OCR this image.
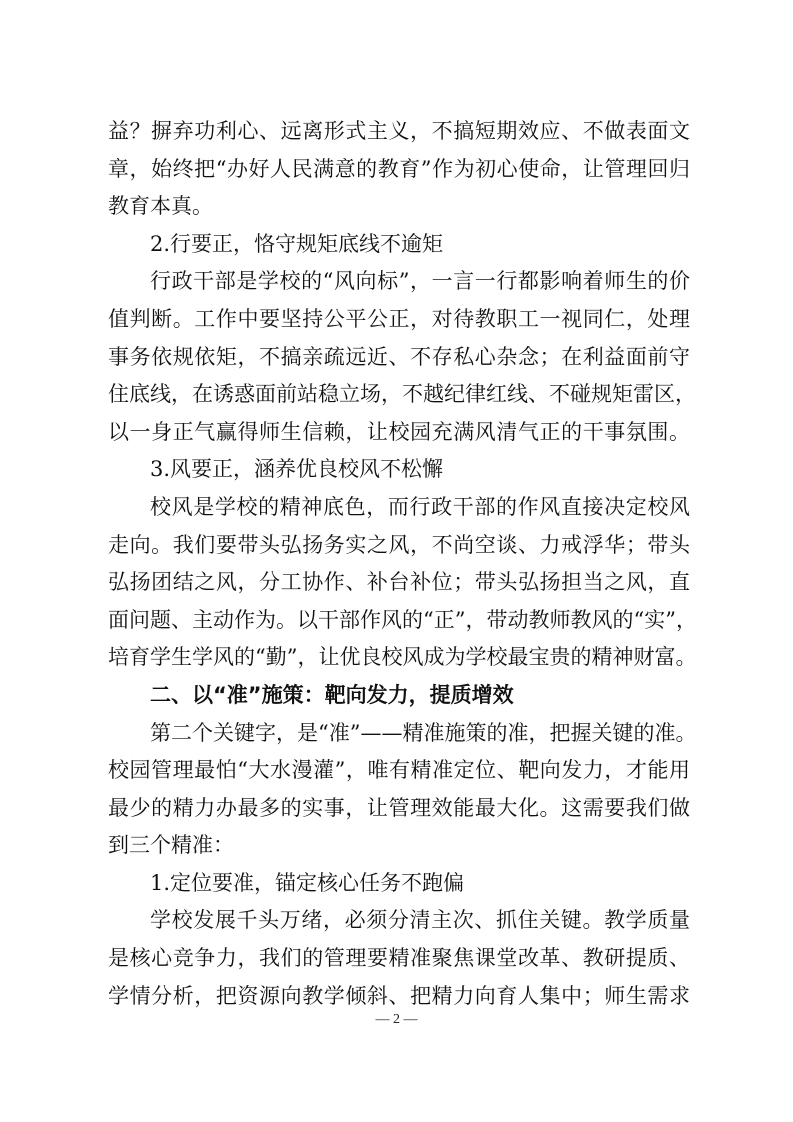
益？摒弃功利心、远离形式主义，不搞短期效应、不做表面文
章，始终把“办好人民满意的教育”作为初心使命，让管理回归
教育本真。
2.行要正，恪守规矩底线不逾矩
行政干部是学校的“风向标”，一言一行都影响着师生的价
值判断。工作中要坚持公平公正，对待教职工一视同仁，处理
事务依规依矩，不搞亲疏远近、不存私心杂念；在利益面前守
住底线，在诱惑面前站稳立场，不越纪律红线、不碰规矩雷区，
以一身正气赢得师生信赖，让校园充满风清气正的干事氛围。
3.风要正，涵养优良校风不松懈
校风是学校的精神底色，而行政干部的作风直接决定校风
走向。我们要带头弘扬务实之风，不尚空谈、力戒浮华；带头
弘扬团结之风，分工协作、补台补位；带头弘扬担当之风，直
面问题、主动作为。以干部作风的“正”，带动教师教风的“实”，
培育学生学风的“勤”，让优良校风成为学校最宝贵的精神财富。
二、以“准”施策：靶向发力，提质增效
第二个关键字，是“准”——精准施策的准，把握关键的准。
校园管理最怕“大水漫灌”，唯有精准定位、靶向发力，才能用
最少的精力办最多的实事，让管理效能最大化。这需要我们做
到三个精准：
1.定位要准，锚定核心任务不跑偏
学校发展千头万绪，必须分清主次、抓住关键。教学质量
是核心竞争力，我们的管理要精准聚焦课堂改革、教研提质、
学情分析，把资源向教学倾斜、把精力向育人集中；师生需求
— 2 —
